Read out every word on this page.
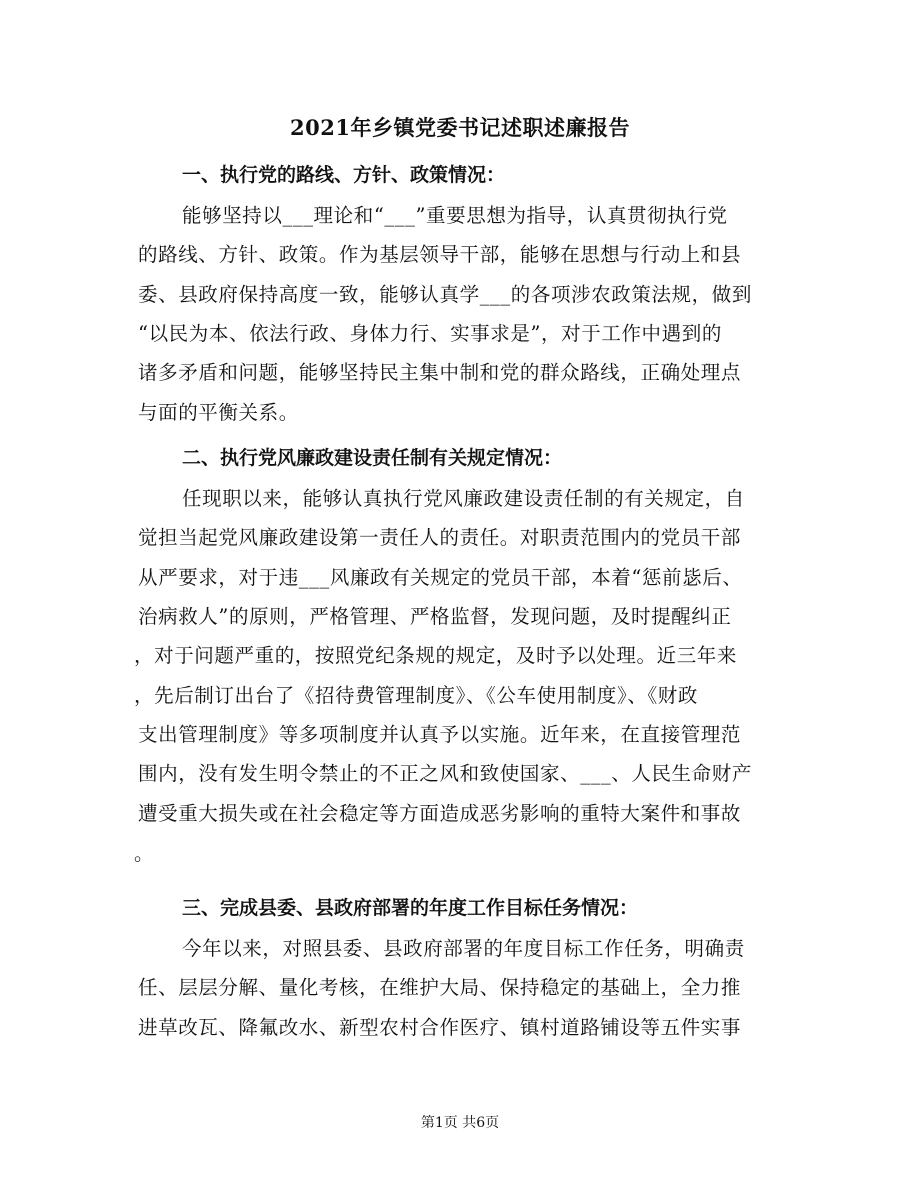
2021年乡镇党委书记述职述廉报告
一、执行党的路线、方针、政策情况：
能够坚持以___理论和“___”重要思想为指导，认真贯彻执行党
的路线、方针、政策。作为基层领导干部，能够在思想与行动上和县
委、县政府保持高度一致，能够认真学___的各项涉农政策法规，做到
“以民为本、依法行政、身体力行、实事求是”，对于工作中遇到的
诸多矛盾和问题，能够坚持民主集中制和党的群众路线，正确处理点
与面的平衡关系。
二、执行党风廉政建设责任制有关规定情况：
任现职以来，能够认真执行党风廉政建设责任制的有关规定，自
觉担当起党风廉政建设第一责任人的责任。对职责范围内的党员干部
从严要求，对于违___风廉政有关规定的党员干部，本着“惩前毖后、
治病救人”的原则，严格管理、严格监督，发现问题，及时提醒纠正
，对于问题严重的，按照党纪条规的规定，及时予以处理。近三年来
，先后制订出台了《招待费管理制度》、《公车使用制度》、《财政
支出管理制度》等多项制度并认真予以实施。近年来，在直接管理范
围内，没有发生明令禁止的不正之风和致使国家、___、人民生命财产
遭受重大损失或在社会稳定等方面造成恶劣影响的重特大案件和事故
。
三、完成县委、县政府部署的年度工作目标任务情况：
今年以来，对照县委、县政府部署的年度目标工作任务，明确责
任、层层分解、量化考核，在维护大局、保持稳定的基础上，全力推
进草改瓦、降氟改水、新型农村合作医疗、镇村道路铺设等五件实事
第1页 共6页
